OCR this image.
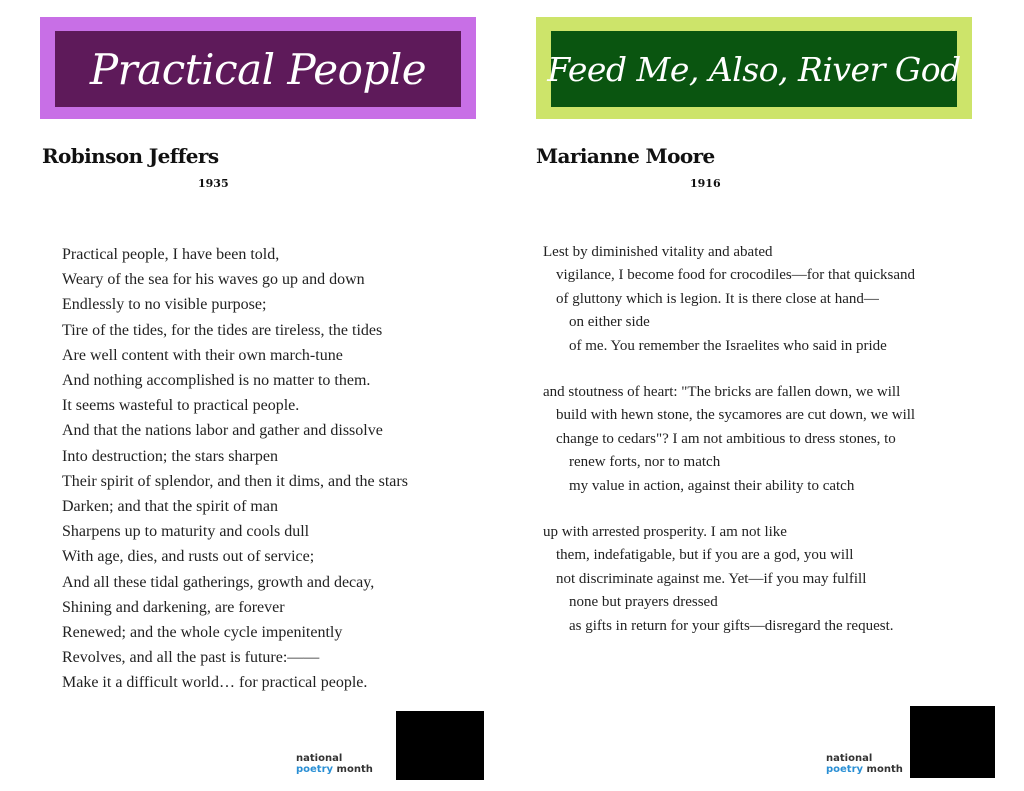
Practical People
Robinson Jeffers
1935
Practical people, I have been told,
Weary of the sea for his waves go up and down
Endlessly to no visible purpose;
Tire of the tides, for the tides are tireless, the tides
Are well content with their own march-tune
And nothing accomplished is no matter to them.
It seems wasteful to practical people.
And that the nations labor and gather and dissolve
Into destruction; the stars sharpen
Their spirit of splendor, and then it dims, and the stars
Darken; and that the spirit of man
Sharpens up to maturity and cools dull
With age, dies, and rusts out of service;
And all these tidal gatherings, growth and decay,
Shining and darkening, are forever
Renewed; and the whole cycle impenitently
Revolves, and all the past is future:——
Make it a difficult world… for practical people.
national
poetry month
Feed Me, Also, River God
Marianne Moore
1916
Lest by diminished vitality and abated
vigilance, I become food for crocodiles—for that quicksand
of gluttony which is legion. It is there close at hand—
on either side
of me. You remember the Israelites who said in pride
and stoutness of heart: "The bricks are fallen down, we will
build with hewn stone, the sycamores are cut down, we will
change to cedars"? I am not ambitious to dress stones, to
renew forts, nor to match
my value in action, against their ability to catch
up with arrested prosperity. I am not like
them, indefatigable, but if you are a god, you will
not discriminate against me. Yet—if you may fulfill
none but prayers dressed
as gifts in return for your gifts—disregard the request.
national
poetry month
